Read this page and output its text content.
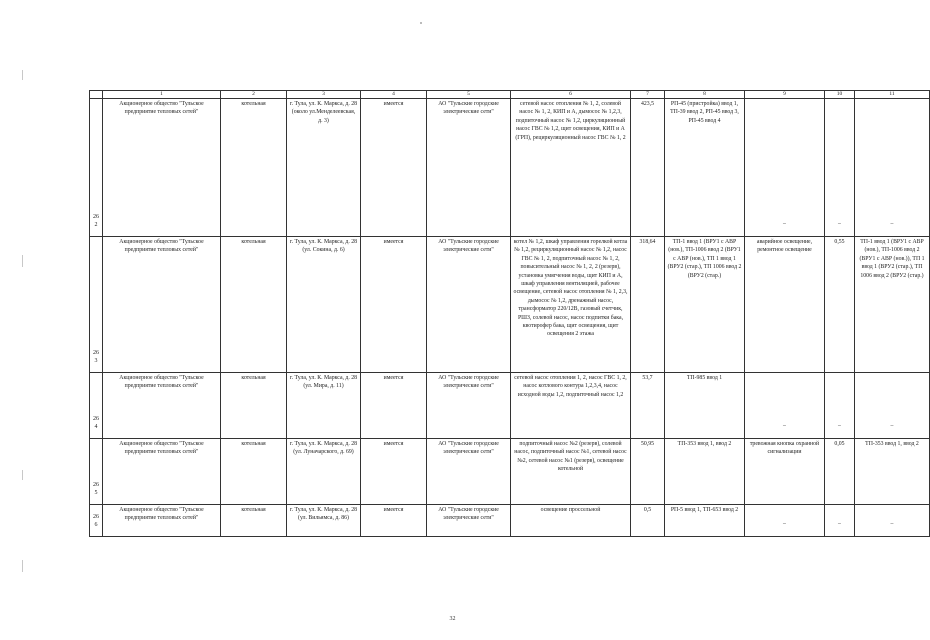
	1	2	3	4	5	6	7	8	9	10	11
262	Акционерное общество "Тульское предприятие тепловых сетей"	котельная	г. Тула, ул. К. Маркса, д. 28 (около ул.Менделеевская, д. 3)	имеется	АО "Тульские городские электрические сети"	сетевой насос отопления № 1, 2, солевой насос № 1, 2, КИП и А, дымосос № 1,2,3, подпиточный насос № 1,2, циркуляционный насос ГВС № 1,2, щит освещения, КИП и А (ГРП), рециркуляционный насос ГВС № 1, 2	423,5	РП-45 (пристройка) ввод 1, ТП-39 ввод 2, РП-45 ввод 3, РП-45 ввод 4	–	–	–
263	Акционерное общество "Тульское предприятие тепловых сетей"	котельная	г. Тула, ул. К. Маркса, д. 28 (ул. Сокина, д. 6)	имеется	АО "Тульские городские электрические сети"	котел № 1,2, шкаф управления горелкой котла № 1,2, рециркуляционный насос № 1,2, насос ГВС № 1, 2, подпиточный насос № 1, 2, повысительный насос № 1, 2, 2 (резерв), установка умягчения воды, щит КИП и А, шкаф управления вентиляцией, рабочее освещение, сетевой насос отопления № 1, 2,3, дымосос № 1,2, дренажный насос, трансформатор 220/12В, газовый счетчик, РШЗ, солевой насос, насос подпитки бака, квотирофер бака, щит освещения, щит освещения 2 этажа	318,64	ТП-1 ввод 1 (ВРУ1 с АВР (нов.), ТП-1006 ввод 2 (ВРУ1 с АВР (нов.), ТП 1 ввод 1 (ВРУ2 (стар.), ТП 1006 ввод 2 (ВРУ2 (стар.)	аварийное освещение, ремонтное освещение	0,55	ТП-1 ввод 1 (ВРУ1 с АВР (нов.), ТП-1006 ввод 2 (ВРУ1 с АВР (нов.)), ТП 1 ввод 1 (ВРУ2 (стар.), ТП 1006 ввод 2 (ВРУ2 (стар.)
264	Акционерное общество "Тульское предприятие тепловых сетей"	котельная	г. Тула, ул. К. Маркса, д. 28 (ул. Мира, д. 11)	имеется	АО "Тульские городские электрические сети"	сетевой насос отопления 1, 2, насос ГВС 1, 2, насос котлового контура 1,2,3,4, насос исходной воды 1,2, подпиточный насос 1,2	53,7	ТП-985 ввод 1	–	–	–
265	Акционерное общество "Тульское предприятие тепловых сетей"	котельная	г. Тула, ул. К. Маркса, д. 28 (ул. Луначарского, д. 69)	имеется	АО "Тульские городские электрические сети"	подпиточный насос №2 (резерв), солевой насос, подпиточный насос №1, сетевой насос №2, сетевой насос №1 (резерв), освещение котельной	50,95	ТП-353 ввод 1, ввод 2	тревожная кнопка охранной сигнализации	0,05	ТП-353 ввод 1, ввод 2
266	Акционерное общество "Тульское предприятие тепловых сетей"	котельная	г. Тула, ул. К. Маркса, д. 28 (ул. Вильямса, д. 86)	имеется	АО "Тульские городские электрические сети"	освещение проссельной	0,5	РП-5 ввод 1, ТП-653 ввод 2	–	–	–
32
